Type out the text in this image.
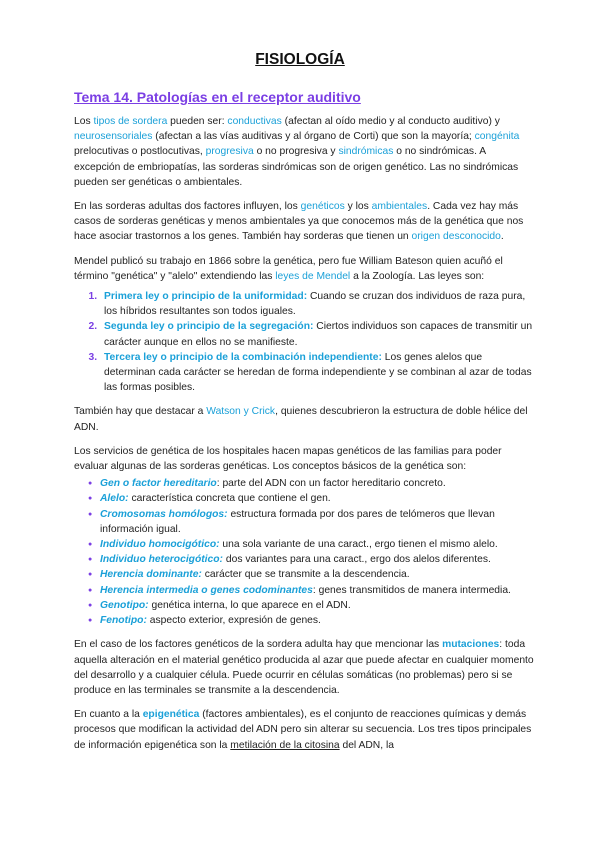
FISIOLOGÍA
Tema 14. Patologías en el receptor auditivo

Los tipos de sordera pueden ser: conductivas (afectan al oído medio y al conducto auditivo) y neurosensoriales (afectan a las vías auditivas y al órgano de Corti) que son la mayoría; congénita prelocutivas o postlocutivas, progresiva o no progresiva y sindrómicas o no sindrómicas. A excepción de embriopatías, las sorderas sindrómicas son de origen genético. Las no sindrómicas pueden ser genéticas o ambientales.

En las sorderas adultas dos factores influyen, los genéticos y los ambientales. Cada vez hay más casos de sorderas genéticas y menos ambientales ya que conocemos más de la genética que nos hace asociar trastornos a los genes. También hay sorderas que tienen un origen desconocido.

Mendel publicó su trabajo en 1866 sobre la genética, pero fue William Bateson quien acuñó el término "genética" y "alelo" extendiendo las leyes de Mendel a la Zoología. Las leyes son:

1. Primera ley o principio de la uniformidad: Cuando se cruzan dos individuos de raza pura, los híbridos resultantes son todos iguales.
2. Segunda ley o principio de la segregación: Ciertos individuos son capaces de transmitir un carácter aunque en ellos no se manifieste.
3. Tercera ley o principio de la combinación independiente: Los genes alelos que determinan cada carácter se heredan de forma independiente y se combinan al azar de todas las formas posibles.

También hay que destacar a Watson y Crick, quienes descubrieron la estructura de doble hélice del ADN.

Los servicios de genética de los hospitales hacen mapas genéticos de las familias para poder evaluar algunas de las sorderas genéticas. Los conceptos básicos de la genética son:

● Gen o factor hereditario: parte del ADN con un factor hereditario concreto.
● Alelo: característica concreta que contiene el gen.
● Cromosomas homólogos: estructura formada por dos pares de telómeros que llevan información igual.
● Individuo homocigótico: una sola variante de una caract., ergo tienen el mismo alelo.
● Individuo heterocigótico: dos variantes para una caract., ergo dos alelos diferentes.
● Herencia dominante: carácter que se transmite a la descendencia.
● Herencia intermedia o genes codominantes: genes transmitidos de manera intermedia.
● Genotipo: genética interna, lo que aparece en el ADN.
● Fenotipo: aspecto exterior, expresión de genes.

En el caso de los factores genéticos de la sordera adulta hay que mencionar las mutaciones: toda aquella alteración en el material genético producida al azar que puede afectar en cualquier momento del desarrollo y a cualquier célula. Puede ocurrir en células somáticas (no problemas) pero si se produce en las terminales se transmite a la descendencia.

En cuanto a la epigenética (factores ambientales), es el conjunto de reacciones químicas y demás procesos que modifican la actividad del ADN pero sin alterar su secuencia. Los tres tipos principales de información epigenética son la metilación de la citosina del ADN, la
